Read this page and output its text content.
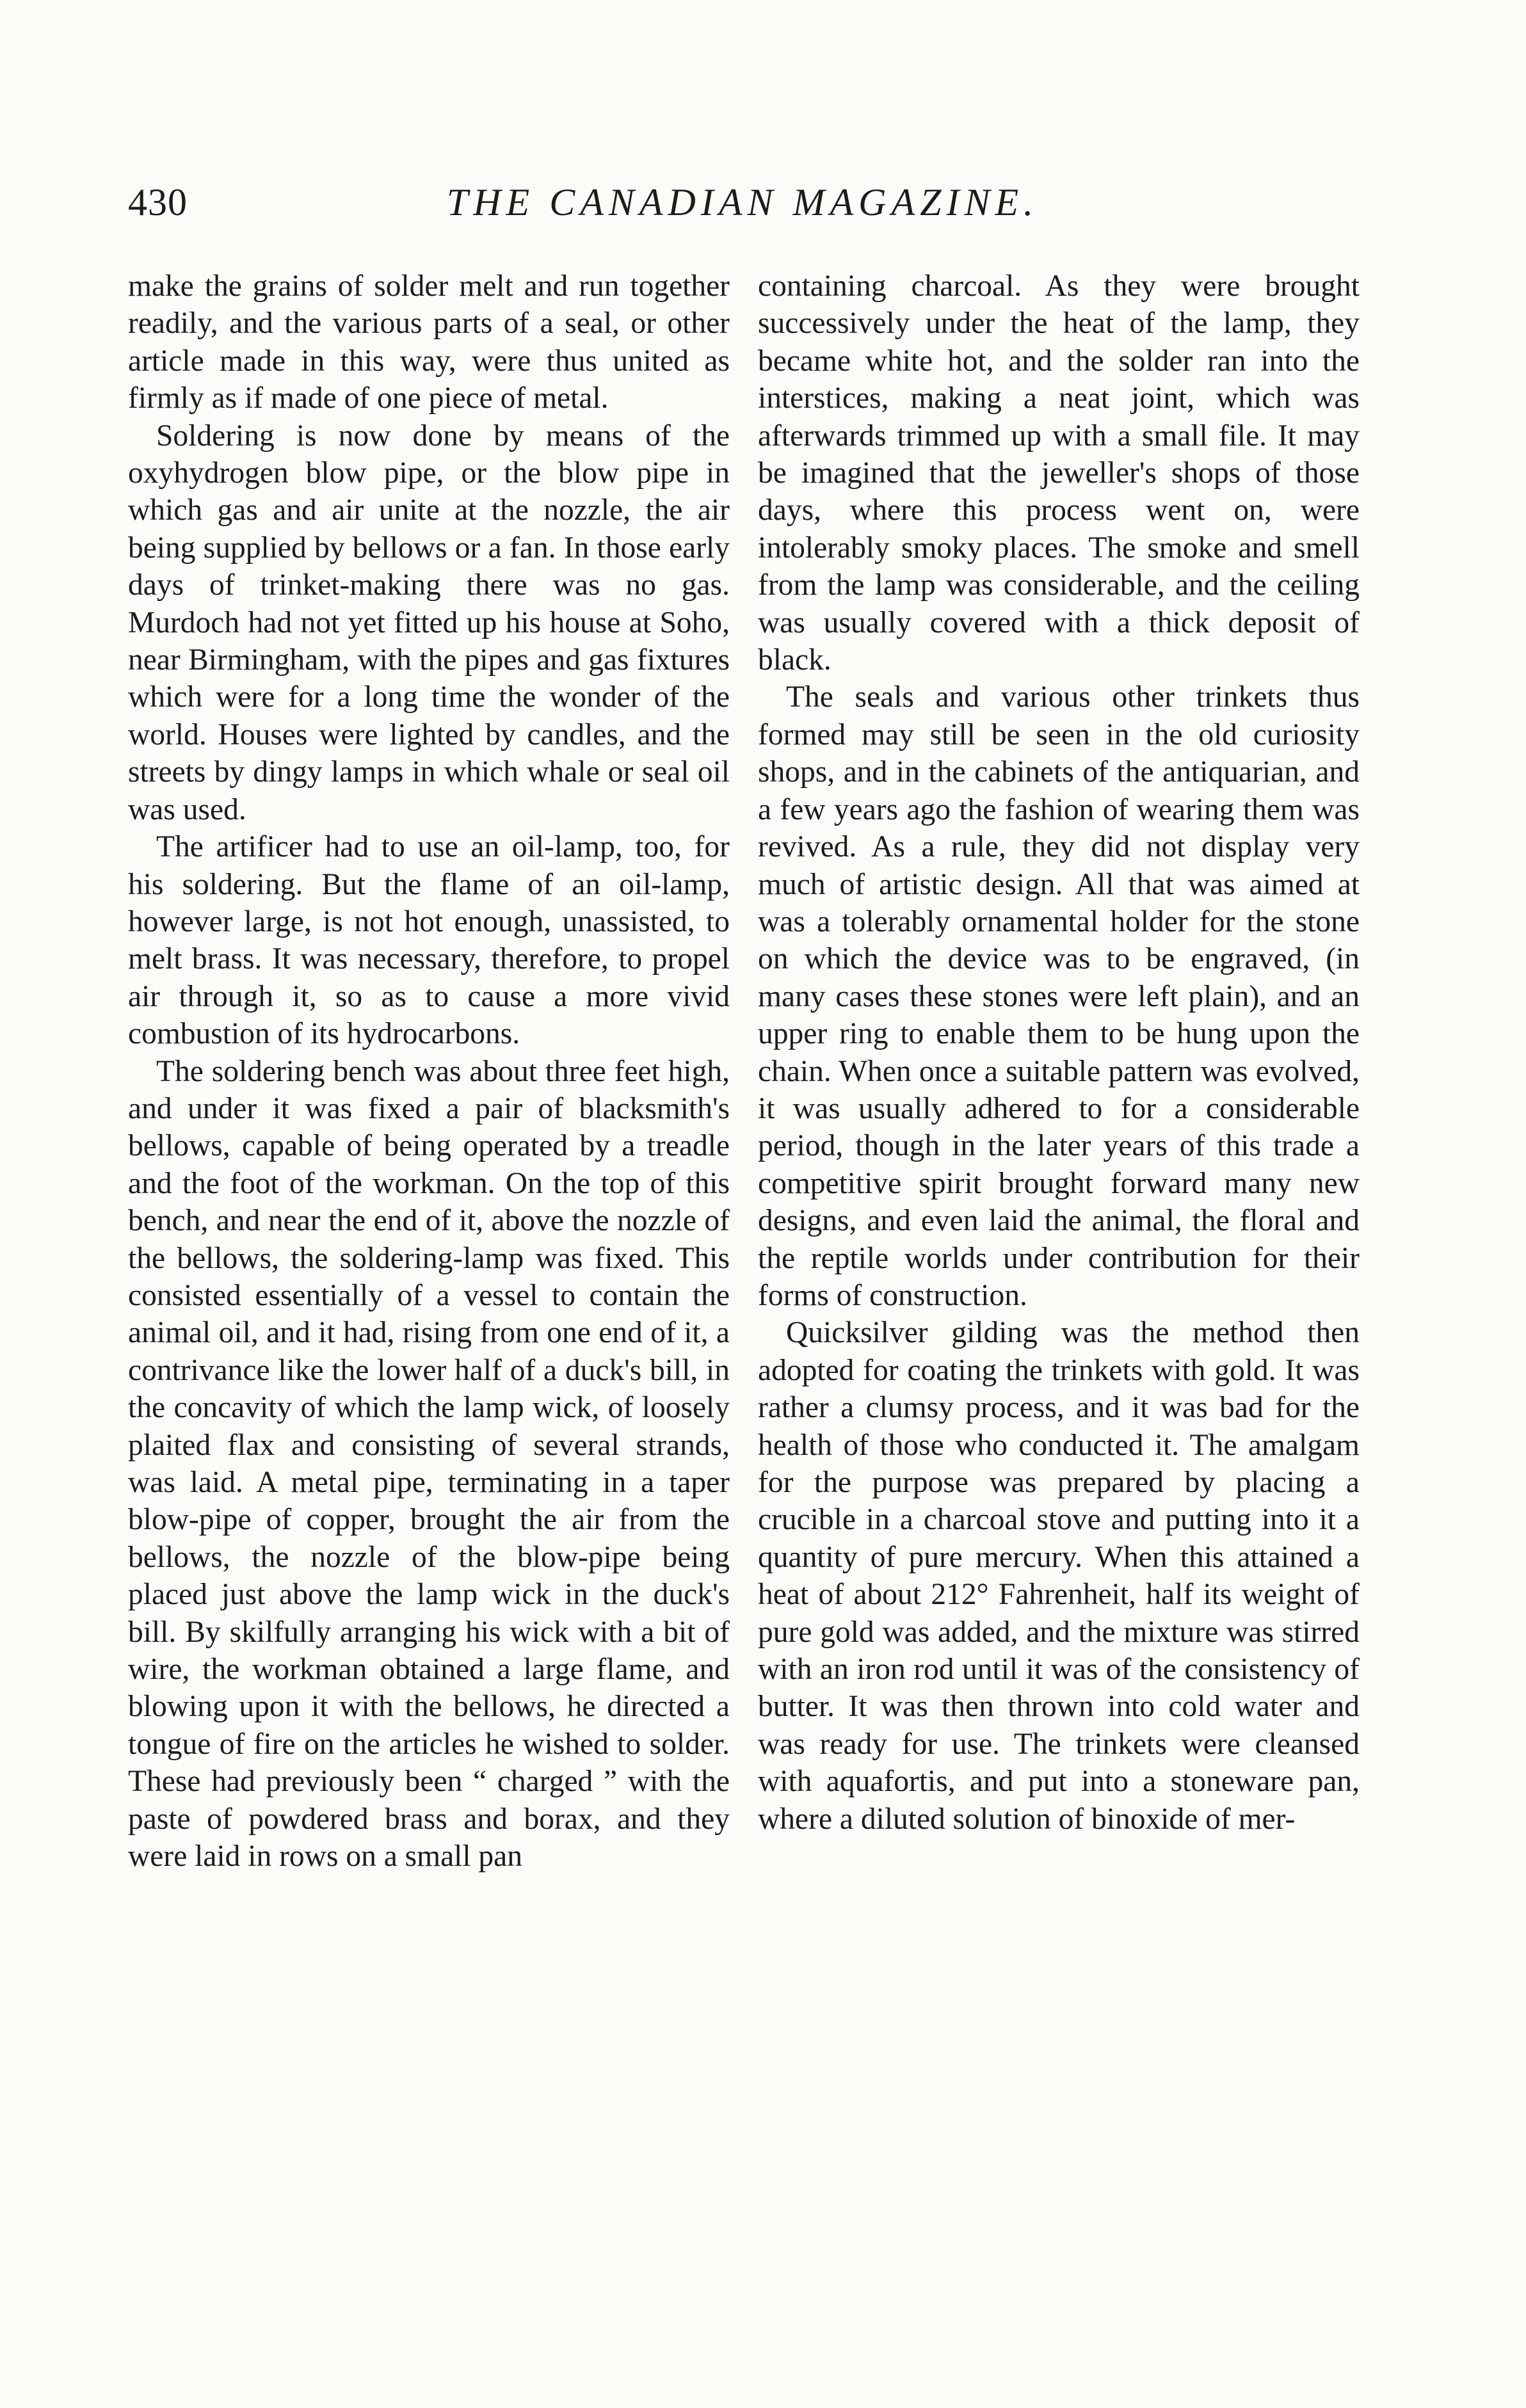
430	THE CANADIAN MAGAZINE.

make the grains of solder melt and run together readily, and the various parts of a seal, or other article made in this way, were thus united as firmly as if made of one piece of metal.

Soldering is now done by means of the oxyhydrogen blow pipe, or the blow pipe in which gas and air unite at the nozzle, the air being supplied by bellows or a fan. In those early days of trinket-making there was no gas. Murdoch had not yet fitted up his house at Soho, near Birmingham, with the pipes and gas fixtures which were for a long time the wonder of the world. Houses were lighted by candles, and the streets by dingy lamps in which whale or seal oil was used.

The artificer had to use an oil-lamp, too, for his soldering. But the flame of an oil-lamp, however large, is not hot enough, unassisted, to melt brass. It was necessary, therefore, to propel air through it, so as to cause a more vivid combustion of its hydrocarbons.

The soldering bench was about three feet high, and under it was fixed a pair of blacksmith's bellows, capable of being operated by a treadle and the foot of the workman. On the top of this bench, and near the end of it, above the nozzle of the bellows, the soldering-lamp was fixed. This consisted essentially of a vessel to contain the animal oil, and it had, rising from one end of it, a contrivance like the lower half of a duck's bill, in the concavity of which the lamp wick, of loosely plaited flax and consisting of several strands, was laid. A metal pipe, terminating in a taper blow-pipe of copper, brought the air from the bellows, the nozzle of the blow-pipe being placed just above the lamp wick in the duck's bill. By skilfully arranging his wick with a bit of wire, the workman obtained a large flame, and blowing upon it with the bellows, he directed a tongue of fire on the articles he wished to solder. These had previously been “ charged ” with the paste of powdered brass and borax, and they were laid in rows on a small pan

containing charcoal. As they were brought successively under the heat of the lamp, they became white hot, and the solder ran into the interstices, making a neat joint, which was afterwards trimmed up with a small file. It may be imagined that the jeweller's shops of those days, where this process went on, were intolerably smoky places. The smoke and smell from the lamp was considerable, and the ceiling was usually covered with a thick deposit of black.

The seals and various other trinkets thus formed may still be seen in the old curiosity shops, and in the cabinets of the antiquarian, and a few years ago the fashion of wearing them was revived. As a rule, they did not display very much of artistic design. All that was aimed at was a tolerably ornamental holder for the stone on which the device was to be engraved, (in many cases these stones were left plain), and an upper ring to enable them to be hung upon the chain. When once a suitable pattern was evolved, it was usually adhered to for a considerable period, though in the later years of this trade a competitive spirit brought forward many new designs, and even laid the animal, the floral and the reptile worlds under contribution for their forms of construction.

Quicksilver gilding was the method then adopted for coating the trinkets with gold. It was rather a clumsy process, and it was bad for the health of those who conducted it. The amalgam for the purpose was prepared by placing a crucible in a charcoal stove and putting into it a quantity of pure mercury. When this attained a heat of about 212° Fahrenheit, half its weight of pure gold was added, and the mixture was stirred with an iron rod until it was of the consistency of butter. It was then thrown into cold water and was ready for use. The trinkets were cleansed with aquafortis, and put into a stoneware pan, where a diluted solution of binoxide of mer-
